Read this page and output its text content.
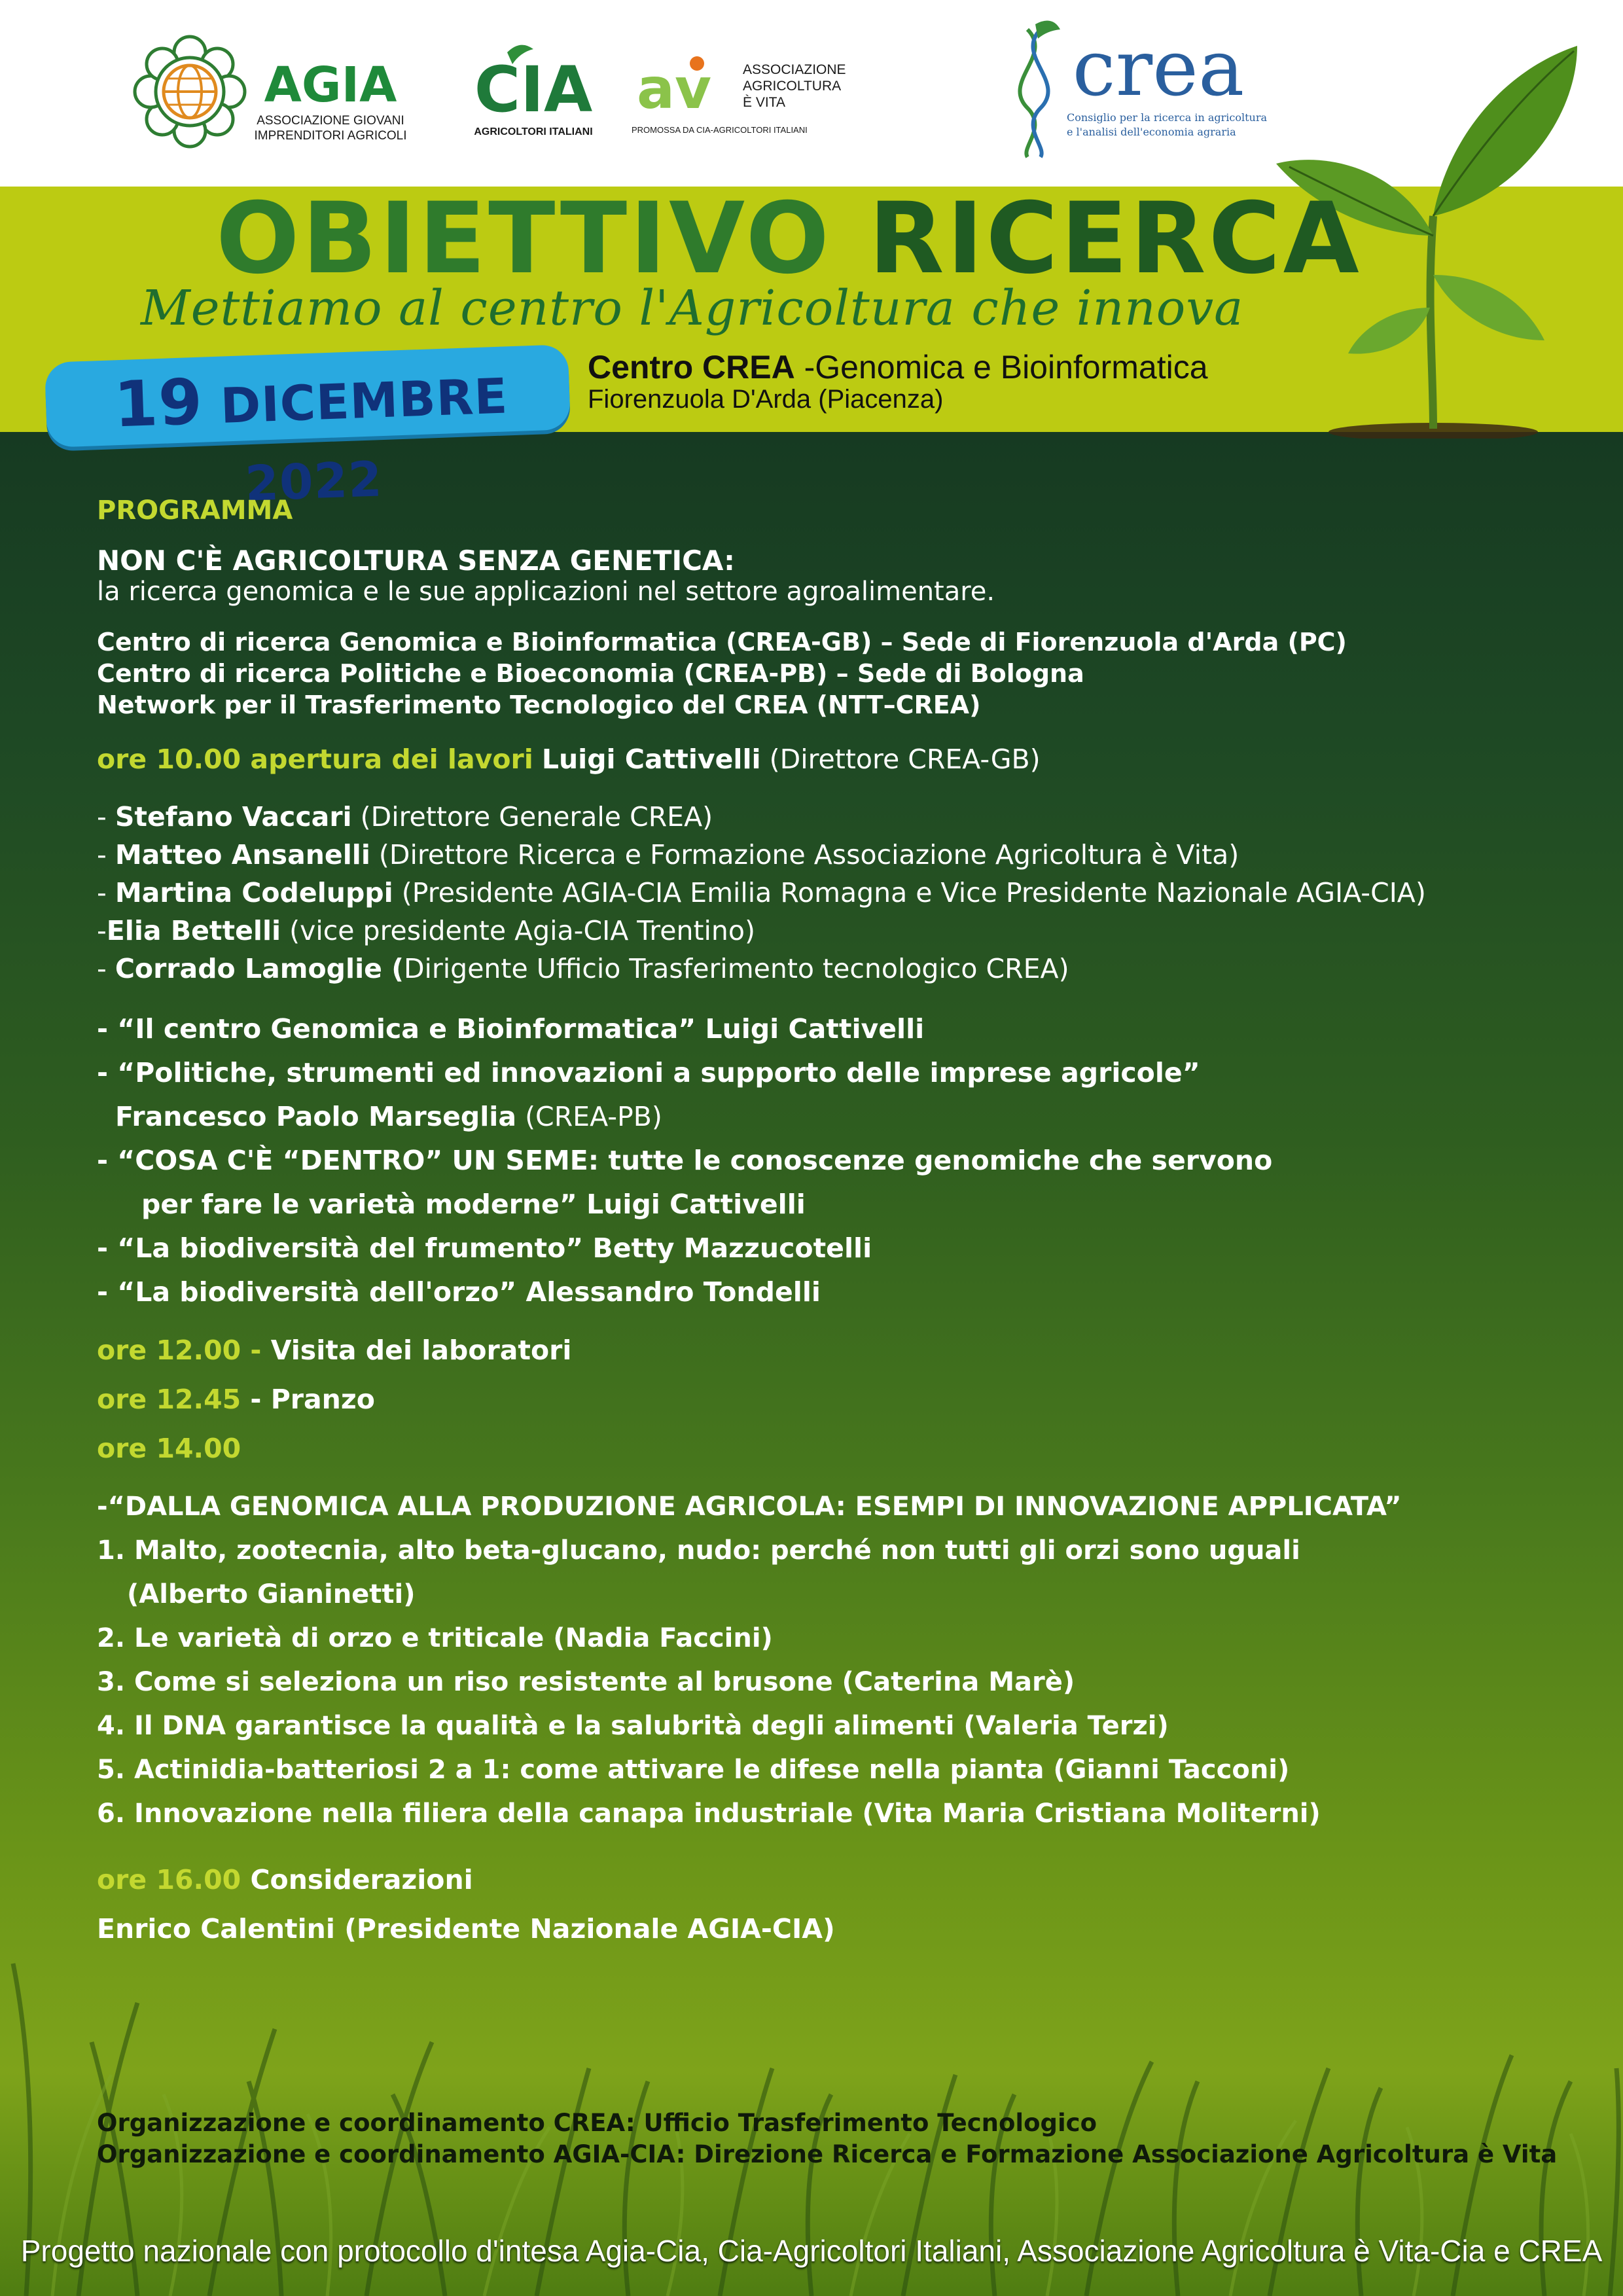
AGIA
ASSOCIAZIONE GIOVANI
IMPRENDITORI AGRICOLI
CIA
AGRICOLTORI ITALIANI
av ASSOCIAZIONE
AGRICOLTURA
È VITA
PROMOSSA DA CIA-AGRICOLTORI ITALIANI
crea
Consiglio per la ricerca in agricoltura
e l'analisi dell'economia agraria
OBIETTIVO RICERCA

Mettiamo al centro l'Agricoltura che innova

19 DICEMBRE 2022
Centro CREA -Genomica e Bioinformatica
Fiorenzuola D'Arda (Piacenza)

PROGRAMMA

NON C'È AGRICOLTURA SENZA GENETICA:

la ricerca genomica e le sue applicazioni nel settore agroalimentare.

Centro di ricerca Genomica e Bioinformatica (CREA-GB) – Sede di Fiorenzuola d'Arda (PC)

Centro di ricerca Politiche e Bioeconomia (CREA-PB) – Sede di Bologna

Network per il Trasferimento Tecnologico del CREA (NTT–CREA)

ore 10.00 apertura dei lavori Luigi Cattivelli (Direttore CREA-GB)

- Stefano Vaccari (Direttore Generale CREA)

- Matteo Ansanelli (Direttore Ricerca e Formazione Associazione Agricoltura è Vita)

- Martina Codeluppi (Presidente AGIA-CIA Emilia Romagna e Vice Presidente Nazionale AGIA-CIA)

-Elia Bettelli (vice presidente Agia-CIA Trentino)

- Corrado Lamoglie (Dirigente Ufficio Trasferimento tecnologico CREA)

- “Il centro Genomica e Bioinformatica” Luigi Cattivelli

- “Politiche, strumenti ed innovazioni a supporto delle imprese agricole”

Francesco Paolo Marseglia (CREA-PB)

- “COSA C'È “DENTRO” UN SEME: tutte le conoscenze genomiche che servono

per fare le varietà moderne” Luigi Cattivelli

- “La biodiversità del frumento” Betty Mazzucotelli

- “La biodiversità dell'orzo” Alessandro Tondelli

ore 12.00 - Visita dei laboratori

ore 12.45 - Pranzo

ore 14.00

-“DALLA GENOMICA ALLA PRODUZIONE AGRICOLA: ESEMPI DI INNOVAZIONE APPLICATA”

1. Malto, zootecnia, alto beta-glucano, nudo: perché non tutti gli orzi sono uguali

(Alberto Gianinetti)

2. Le varietà di orzo e triticale (Nadia Faccini)

3. Come si seleziona un riso resistente al brusone (Caterina Marè)

4. Il DNA garantisce la qualità e la salubrità degli alimenti (Valeria Terzi)

5. Actinidia-batteriosi 2 a 1: come attivare le difese nella pianta (Gianni Tacconi)

6. Innovazione nella filiera della canapa industriale (Vita Maria Cristiana Moliterni)

ore 16.00 Considerazioni

Enrico Calentini (Presidente Nazionale AGIA-CIA)

Organizzazione e coordinamento CREA: Ufficio Trasferimento Tecnologico

Organizzazione e coordinamento AGIA-CIA: Direzione Ricerca e Formazione Associazione Agricoltura è Vita

Progetto nazionale con protocollo d'intesa Agia-Cia, Cia-Agricoltori Italiani, Associazione Agricoltura è Vita-Cia e CREA
